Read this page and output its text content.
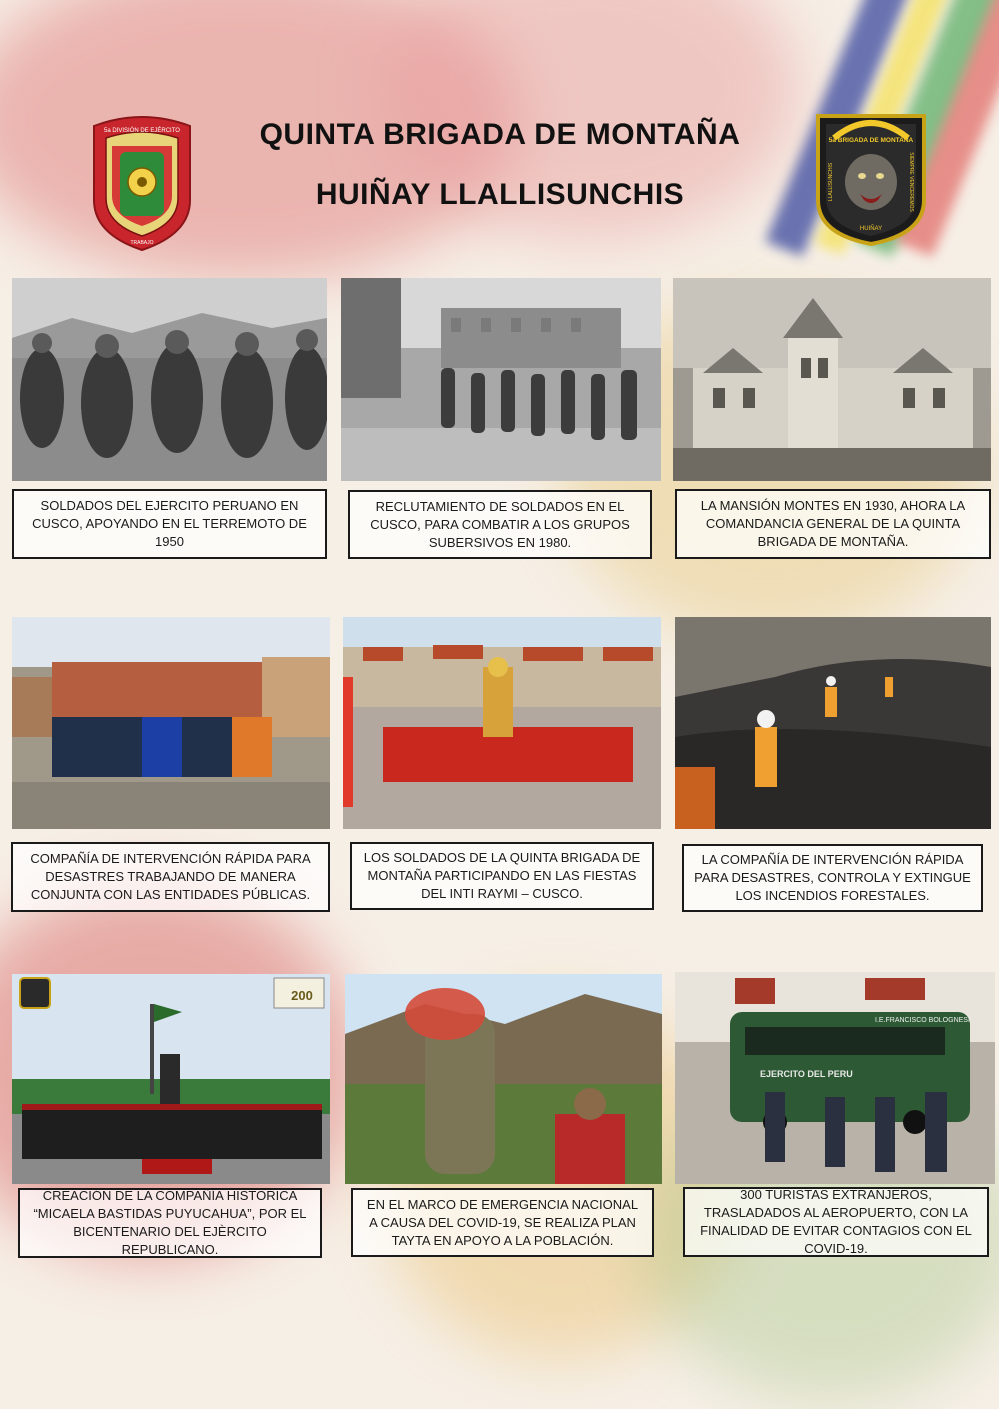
5a DIVISIÓN DE EJÉRCITO
TRABAJO
QUINTA BRIGADA DE MONTAÑA
HUIÑAY LLALLISUNCHIS
5a BRIGADA DE MONTAÑA
LLALLISUNCHIS	SIEMPRE VENCEREMOS
HUIÑAY
SOLDADOS DEL EJERCITO PERUANO EN CUSCO, APOYANDO EN EL TERREMOTO DE 1950
RECLUTAMIENTO DE SOLDADOS EN EL CUSCO, PARA COMBATIR A LOS GRUPOS SUBERSIVOS EN 1980.
LA MANSIÓN MONTES EN 1930, AHORA LA COMANDANCIA GENERAL DE LA QUINTA BRIGADA DE MONTAÑA.
COMPAÑÍA DE INTERVENCIÓN RÁPIDA PARA DESASTRES TRABAJANDO DE MANERA CONJUNTA CON LAS ENTIDADES PÚBLICAS.
LOS SOLDADOS DE LA QUINTA BRIGADA DE MONTAÑA PARTICIPANDO EN LAS FIESTAS DEL INTI RAYMI – CUSCO.
LA COMPAÑÍA DE INTERVENCIÓN RÁPIDA PARA DESASTRES, CONTROLA Y EXTINGUE LOS INCENDIOS FORESTALES.
200
EJERCITO DEL PERU
I.E.FRANCISCO BOLOGNESI
CREACIÓN DE LA COMPAÑÍA HISTORICA “MICAELA BASTIDAS PUYUCAHUA”, POR EL BICENTENARIO DEL EJÈRCITO REPUBLICANO.
EN EL MARCO DE EMERGENCIA NACIONAL A CAUSA DEL COVID-19, SE REALIZA PLAN TAYTA EN APOYO A LA POBLACIÓN.
300 TURISTAS EXTRANJEROS, TRASLADADOS AL AEROPUERTO, CON LA FINALIDAD DE EVITAR CONTAGIOS CON EL COVID-19.
